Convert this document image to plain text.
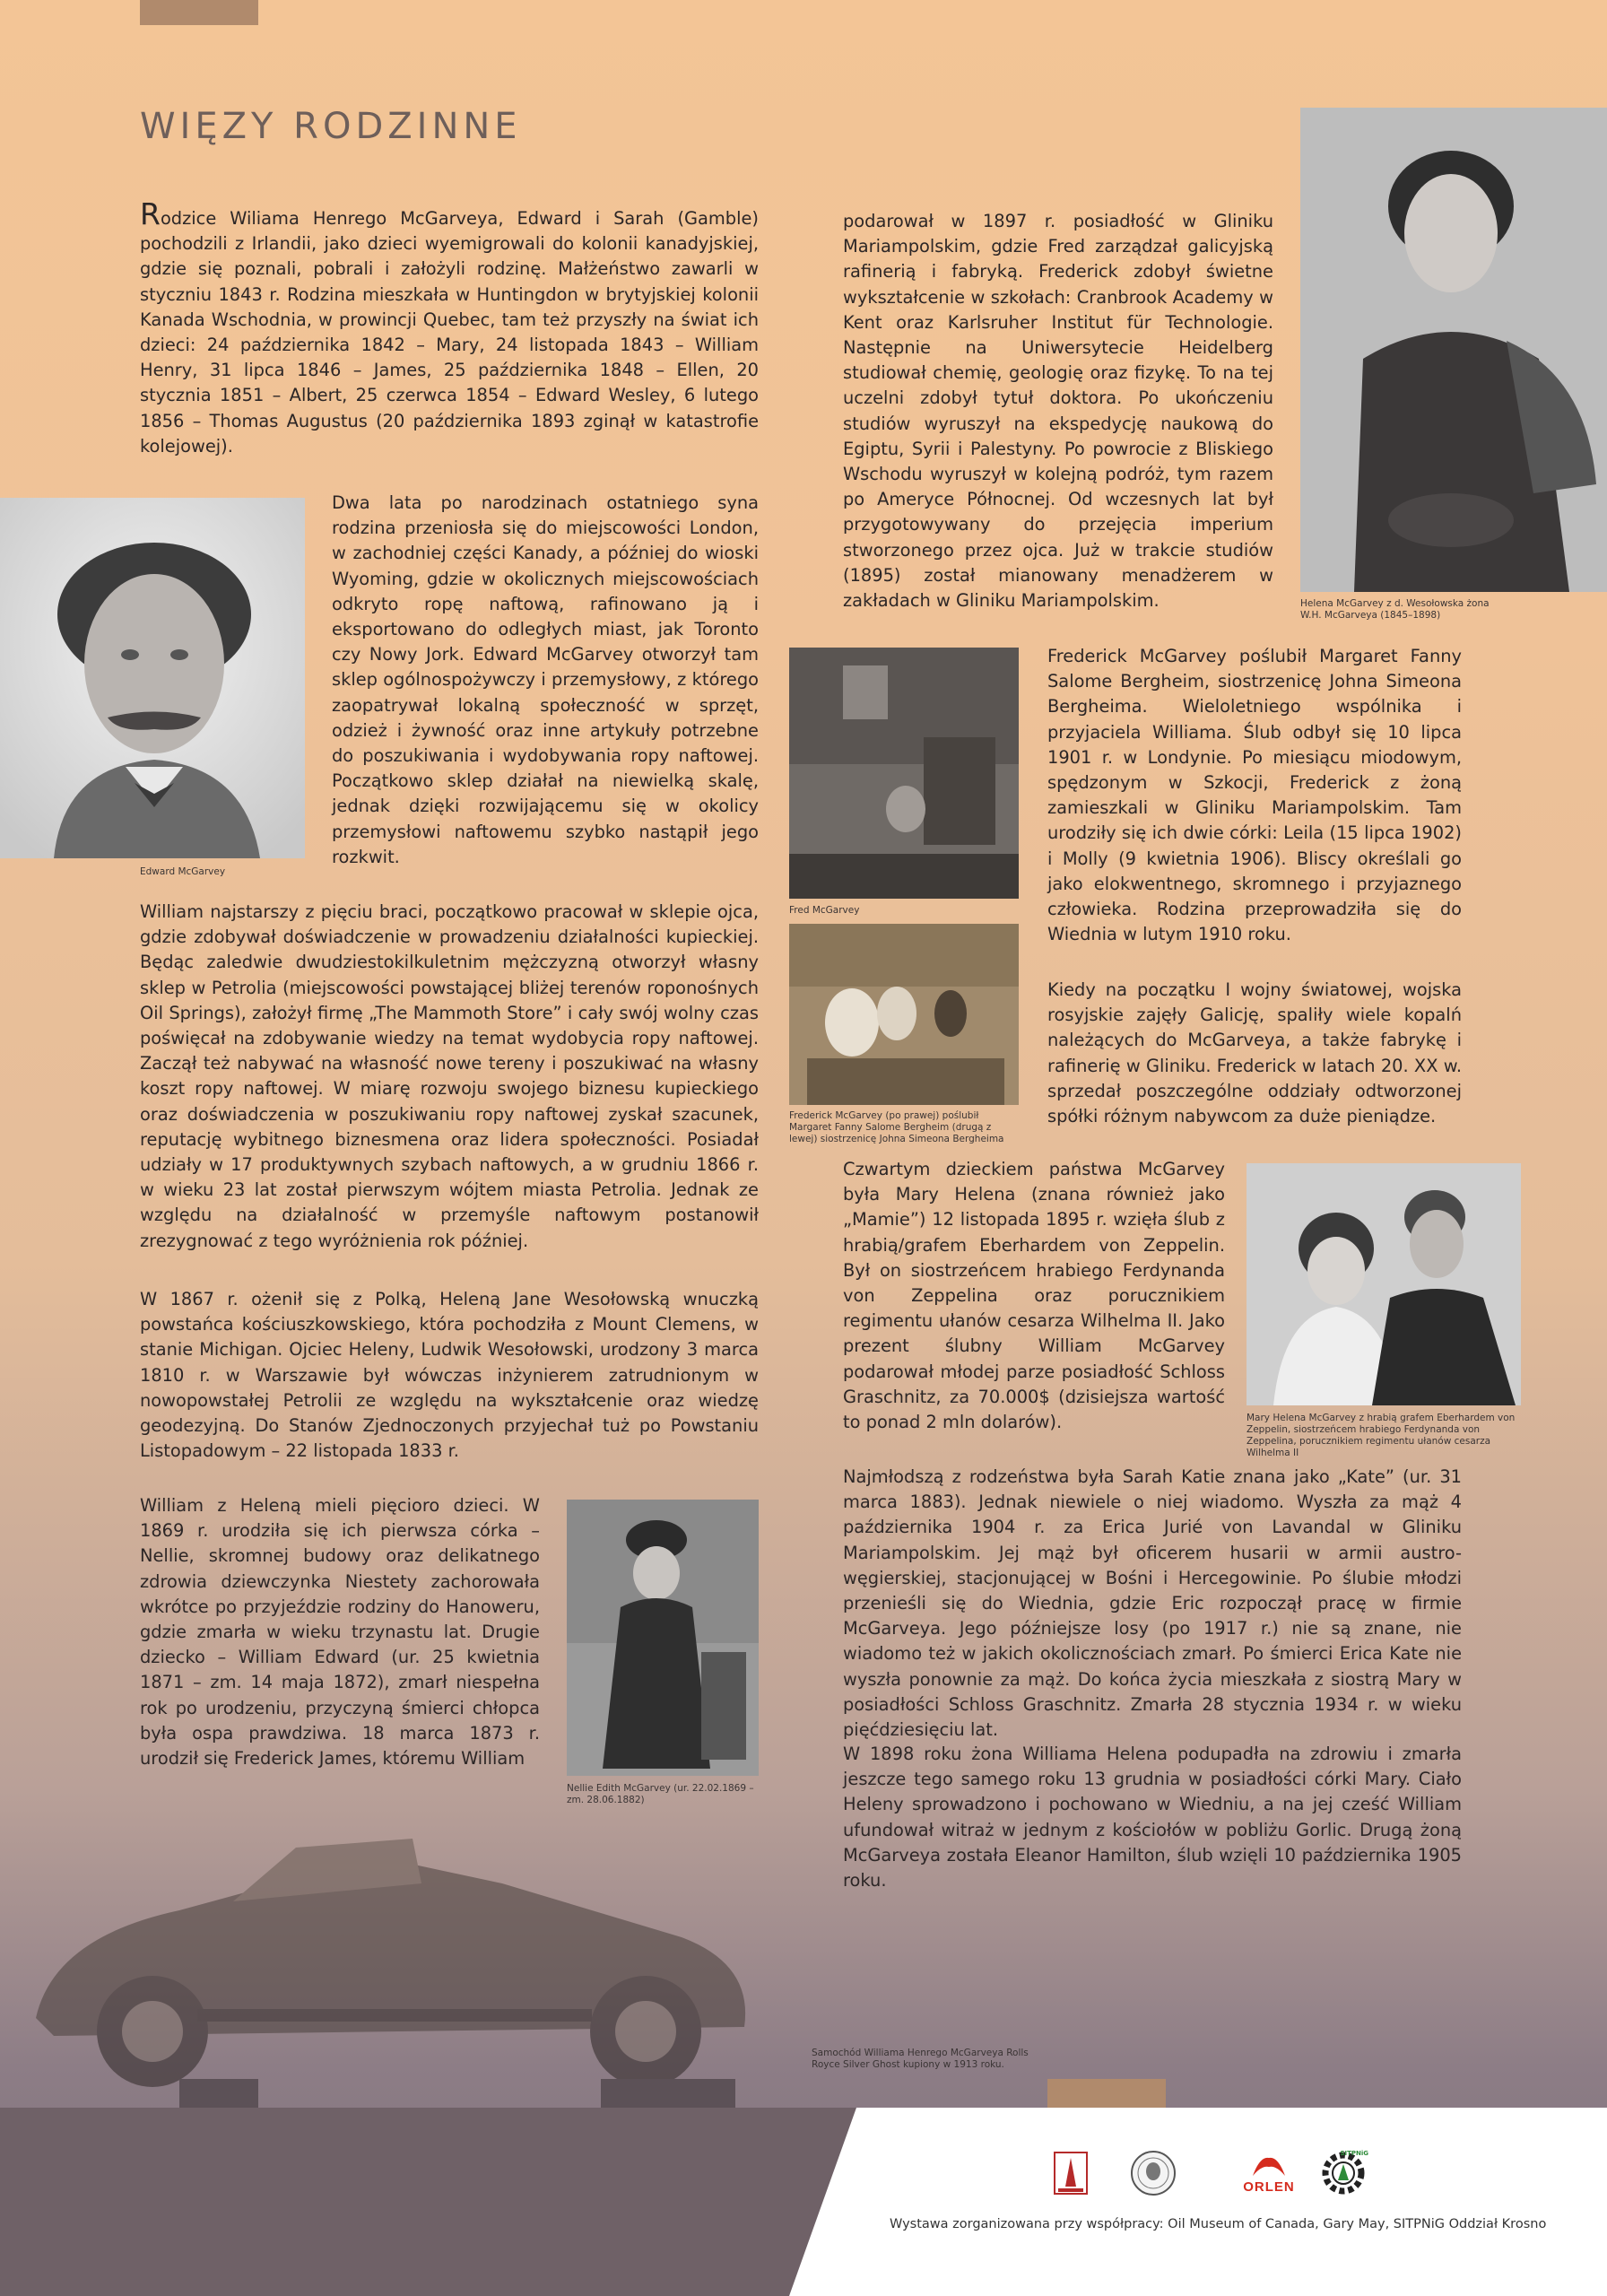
WIĘZY RODZINNE

Rodzice Wiliama Henrego McGarveya, Edward i Sarah (Gamble) pochodzili z Irlandii, jako dzieci wyemigrowali do kolonii kanadyjskiej, gdzie się poznali, pobrali i założyli rodzinę. Małżeństwo zawarli w styczniu 1843 r. Rodzina mieszkała w Huntingdon w brytyjskiej kolonii Kanada Wschodnia, w prowincji Quebec, tam też przyszły na świat ich dzieci: 24 października 1842 – Mary, 24 listopada 1843 – William Henry, 31 lipca 1846 – James, 25 października 1848 – Ellen, 20 stycznia 1851 – Albert, 25 czerwca 1854 – Edward Wesley, 6 lutego 1856 – Thomas Augustus (20 października 1893 zginął w katastrofie kolejowej).

Edward McGarvey

Dwa lata po narodzinach ostatniego syna rodzina przeniosła się do miejscowości London, w zachodniej części Kanady, a później do wioski Wyoming, gdzie w okolicznych miejscowościach odkryto ropę naftową, rafinowano ją i eksportowano do odległych miast, jak Toronto czy Nowy Jork. Edward McGarvey otworzył tam sklep ogólnospożywczy i przemysłowy, z którego zaopatrywał lokalną społeczność w sprzęt, odzież i żywność oraz inne artykuły potrzebne do poszukiwania i wydobywania ropy naftowej. Początkowo sklep działał na niewielką skalę, jednak dzięki rozwijającemu się w okolicy przemysłowi naftowemu szybko nastąpił jego rozkwit.

William najstarszy z pięciu braci, początkowo pracował w sklepie ojca, gdzie zdobywał doświadczenie w prowadzeniu działalności kupieckiej. Będąc zaledwie dwudziestokilkuletnim mężczyzną otworzył własny sklep w Petrolia (miejscowości powstającej bliżej terenów roponośnych Oil Springs), założył firmę „The Mammoth Store” i cały swój wolny czas poświęcał na zdobywanie wiedzy na temat wydobycia ropy naftowej. Zaczął też nabywać na własność nowe tereny i poszukiwać na własny koszt ropy naftowej. W miarę rozwoju swojego biznesu kupieckiego oraz doświadczenia w poszukiwaniu ropy naftowej zyskał szacunek, reputację wybitnego biznesmena oraz lidera społeczności. Posiadał udziały w 17 produktywnych szybach naftowych, a w grudniu 1866 r. w wieku 23 lat został pierwszym wójtem miasta Petrolia. Jednak ze względu na działalność w przemyśle naftowym postanowił zrezygnować z tego wyróżnienia rok później.

W 1867 r. ożenił się z Polką, Heleną Jane Wesołowską wnuczką powstańca kościuszkowskiego, która pochodziła z Mount Clemens, w stanie Michigan. Ojciec Heleny, Ludwik Wesołowski, urodzony 3 marca 1810 r. w Warszawie był wówczas inżynierem zatrudnionym w nowopowstałej Petrolii ze względu na wykształcenie oraz wiedzę geodezyjną. Do Stanów Zjednoczonych przyjechał tuż po Powstaniu Listopadowym – 22 listopada 1833 r.

William z Heleną mieli pięcioro dzieci. W 1869 r. urodziła się ich pierwsza córka – Nellie, skromnej budowy oraz delikatnego zdrowia dziewczynka Niestety zachorowała wkrótce po przyjeździe rodziny do Hanoweru, gdzie zmarła w wieku trzynastu lat. Drugie dziecko – William Edward (ur. 25 kwietnia 1871 – zm. 14 maja 1872), zmarł niespełna rok po urodzeniu, przyczyną śmierci chłopca była ospa prawdziwa. 18 marca 1873 r. urodził się Frederick James, któremu William

Nellie Edith McGarvey (ur. 22.02.1869 – zm. 28.06.1882)

podarował w 1897 r. posiadłość w Gliniku Mariampolskim, gdzie Fred zarządzał galicyjską rafinerią i fabryką. Frederick zdobył świetne wykształcenie w szkołach: Cranbrook Academy w Kent oraz Karlsruher Institut für Technologie. Następnie na Uniwersytecie Heidelberg studiował chemię, geologię oraz fizykę. To na tej uczelni zdobył tytuł doktora. Po ukończeniu studiów wyruszył na ekspedycję naukową do Egiptu, Syrii i Palestyny. Po powrocie z Bliskiego Wschodu wyruszył w kolejną podróż, tym razem po Ameryce Północnej. Od wczesnych lat był przygotowywany do przejęcia imperium stworzonego przez ojca. Już w trakcie studiów (1895) został mianowany menadżerem w zakładach w Gliniku Mariampolskim.	Helena McGarvey z d. Wesołowska żona W.H. McGarveya (1845–1898)

Fred McGarvey

Frederick McGarvey (po prawej) poślubił Margaret Fanny Salome Bergheim (drugą z lewej) siostrzenicę Johna Simeona Bergheima

Frederick McGarvey poślubił Margaret Fanny Salome Bergheim, siostrzenicę Johna Simeona Bergheima. Wieloletniego wspólnika i przyjaciela Williama. Ślub odbył się 10 lipca 1901 r. w Londynie. Po miesiącu miodowym, spędzonym w Szkocji, Frederick z żoną zamieszkali w Gliniku Mariampolskim. Tam urodziły się ich dwie córki: Leila (15 lipca 1902) i Molly (9 kwietnia 1906). Bliscy określali go jako elokwentnego, skromnego i przyjaznego człowieka. Rodzina przeprowadziła się do Wiednia w lutym 1910 roku.

Kiedy na początku I wojny światowej, wojska rosyjskie zajęły Galicję, spaliły wiele kopalń należących do McGarveya, a także fabrykę i rafinerię w Gliniku. Frederick w latach 20. XX w. sprzedał poszczególne oddziały odtworzonej spółki różnym nabywcom za duże pieniądze.

Czwartym dzieckiem państwa McGarvey była Mary Helena (znana również jako „Mamie”) 12 listopada 1895 r. wzięła ślub z hrabią/grafem Eberhardem von Zeppelin. Był on siostrzeńcem hrabiego Ferdynanda von Zeppelina oraz porucznikiem regimentu ułanów cesarza Wilhelma II. Jako prezent ślubny William McGarvey podarował młodej parze posiadłość Schloss Graschnitz, za 70.000$ (dzisiejsza wartość to ponad 2 mln dolarów).	Mary Helena McGarvey z hrabią grafem Eberhardem von Zeppelin, siostrzeńcem hrabiego Ferdynanda von Zeppelina, porucznikiem regimentu ułanów cesarza Wilhelma II

Najmłodszą z rodzeństwa była Sarah Katie znana jako „Kate” (ur. 31 marca 1883). Jednak niewiele o niej wiadomo. Wyszła za mąż 4 października 1904 r. za Erica Jurié von Lavandal w Gliniku Mariampolskim. Jej mąż był oficerem husarii w armii austro-węgierskiej, stacjonującej w Bośni i Hercegowinie. Po ślubie młodzi przenieśli się do Wiednia, gdzie Eric rozpoczął pracę w firmie McGarveya. Jego późniejsze losy (po 1917 r.) nie są znane, nie wiadomo też w jakich okolicznościach zmarł. Po śmierci Erica Kate nie wyszła ponownie za mąż. Do końca życia mieszkała z siostrą Mary w posiadłości Schloss Graschnitz. Zmarła 28 stycznia 1934 r. w wieku pięćdziesięciu lat.

W 1898 roku żona Williama Helena podupadła na zdrowiu i zmarła jeszcze tego samego roku 13 grudnia w posiadłości córki Mary. Ciało Heleny sprowadzono i pochowano w Wiedniu, a na jej cześć William ufundował witraż w jednym z kościołów w pobliżu Gorlic. Drugą żoną McGarveya została Eleanor Hamilton, ślub wzięli 10 października 1905 roku.

Samochód Williama Henrego McGarveya Rolls Royce Silver Ghost kupiony w 1913 roku.

ORLEN
SITPNiG

Wystawa zorganizowana przy współpracy: Oil Museum of Canada, Gary May, SITPNiG Oddział Krosno
